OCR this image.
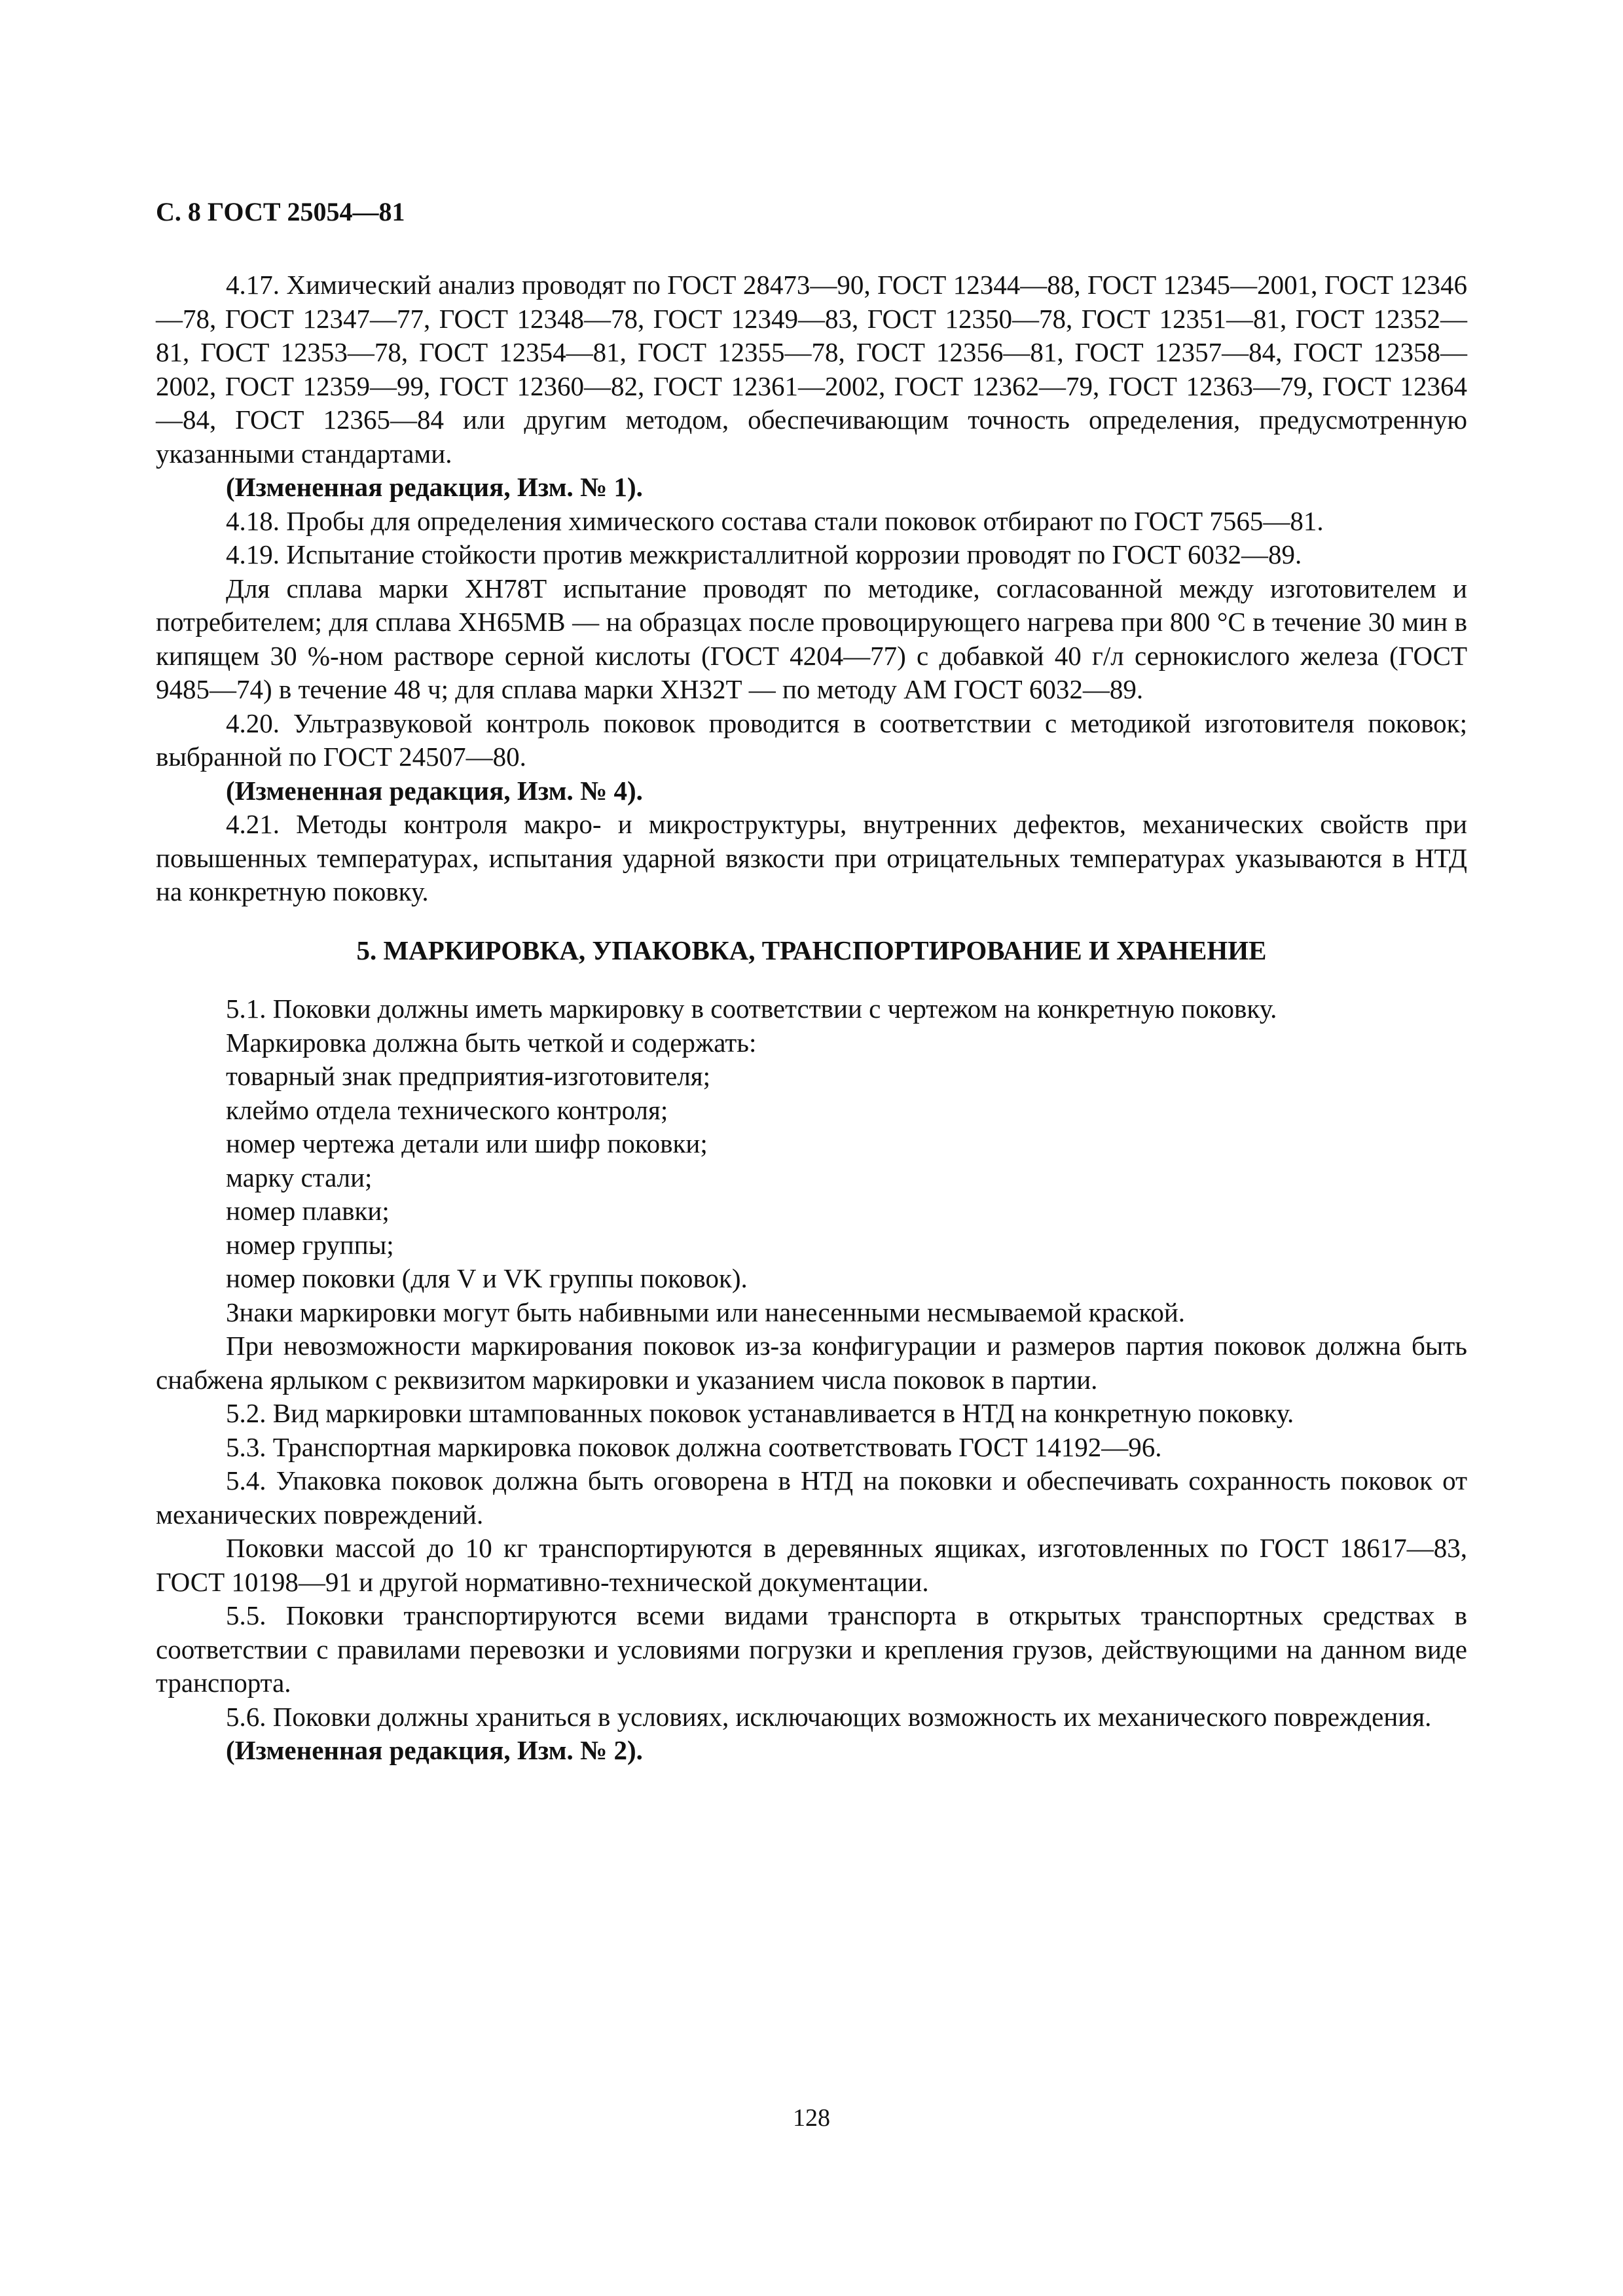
С. 8 ГОСТ 25054—81

4.17. Химический анализ проводят по ГОСТ 28473—90, ГОСТ 12344—88, ГОСТ 12345—2001, ГОСТ 12346—78, ГОСТ 12347—77, ГОСТ 12348—78, ГОСТ 12349—83, ГОСТ 12350—78, ГОСТ 12351—81, ГОСТ 12352—81, ГОСТ 12353—78, ГОСТ 12354—81, ГОСТ 12355—78, ГОСТ 12356—81, ГОСТ 12357—84, ГОСТ 12358—2002, ГОСТ 12359—99, ГОСТ 12360—82, ГОСТ 12361—2002, ГОСТ 12362—79, ГОСТ 12363—79, ГОСТ 12364—84, ГОСТ 12365—84 или другим методом, обеспечивающим точность определения, предусмотренную указанными стандартами.

(Измененная редакция, Изм. № 1).

4.18. Пробы для определения химического состава стали поковок отбирают по ГОСТ 7565—81.

4.19. Испытание стойкости против межкристаллитной коррозии проводят по ГОСТ 6032—89.

Для сплава марки ХН78Т испытание проводят по методике, согласованной между изготовителем и потребителем; для сплава ХН65МВ — на образцах после провоцирующего нагрева при 800 °С в течение 30 мин в кипящем 30 %-ном растворе серной кислоты (ГОСТ 4204—77) с добавкой 40 г/л сернокислого железа (ГОСТ 9485—74) в течение 48 ч; для сплава марки ХН32Т — по методу АМ ГОСТ 6032—89.

4.20. Ультразвуковой контроль поковок проводится в соответствии с методикой изготовителя поковок; выбранной по ГОСТ 24507—80.

(Измененная редакция, Изм. № 4).

4.21. Методы контроля макро- и микроструктуры, внутренних дефектов, механических свойств при повышенных температурах, испытания ударной вязкости при отрицательных температурах указываются в НТД на конкретную поковку.

5. МАРКИРОВКА, УПАКОВКА, ТРАНСПОРТИРОВАНИЕ И ХРАНЕНИЕ

5.1. Поковки должны иметь маркировку в соответствии с чертежом на конкретную поковку.

Маркировка должна быть четкой и содержать:

товарный знак предприятия-изготовителя;

клеймо отдела технического контроля;

номер чертежа детали или шифр поковки;

марку стали;

номер плавки;

номер группы;

номер поковки (для V и VK группы поковок).

Знаки маркировки могут быть набивными или нанесенными несмываемой краской.

При невозможности маркирования поковок из-за конфигурации и размеров партия поковок должна быть снабжена ярлыком с реквизитом маркировки и указанием числа поковок в партии.

5.2. Вид маркировки штампованных поковок устанавливается в НТД на конкретную поковку.

5.3. Транспортная маркировка поковок должна соответствовать ГОСТ 14192—96.

5.4. Упаковка поковок должна быть оговорена в НТД на поковки и обеспечивать сохранность поковок от механических повреждений.

Поковки массой до 10 кг транспортируются в деревянных ящиках, изготовленных по ГОСТ 18617—83, ГОСТ 10198—91 и другой нормативно-технической документации.

5.5. Поковки транспортируются всеми видами транспорта в открытых транспортных средствах в соответствии с правилами перевозки и условиями погрузки и крепления грузов, действующими на данном виде транспорта.

5.6. Поковки должны храниться в условиях, исключающих возможность их механического повреждения.

(Измененная редакция, Изм. № 2).

128
